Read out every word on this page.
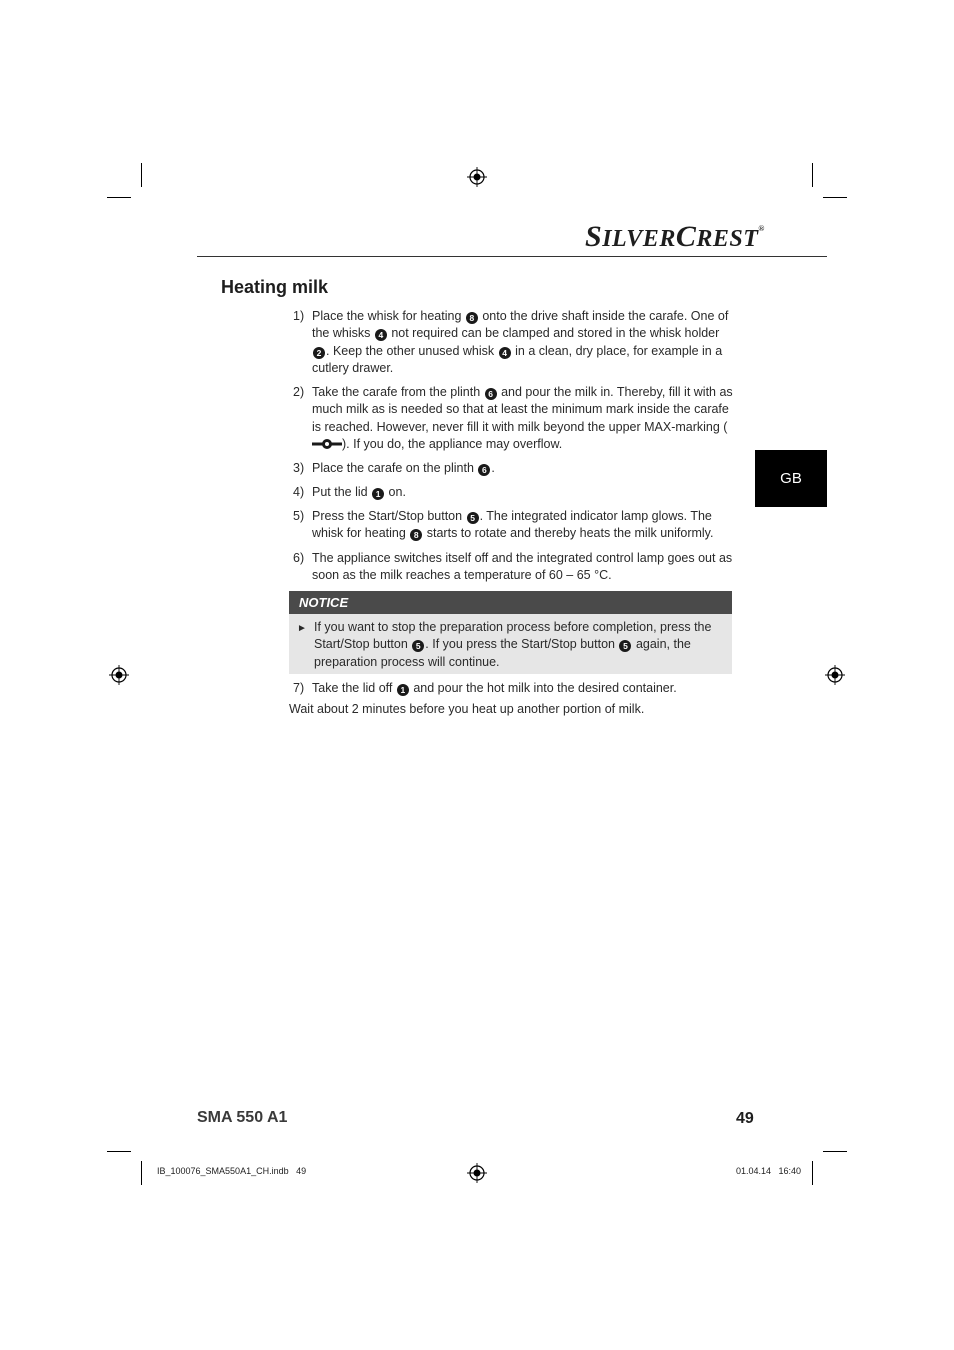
SILVERCREST®
Heating milk
GB
1) Place the whisk for heating 8 onto the drive shaft inside the carafe. One of the whisks 4 not required can be clamped and stored in the whisk holder 2 . Keep the other unused whisk 4 in a clean, dry place, for example in a cutlery drawer.
2) Take the carafe from the plinth 6 and pour the milk in. Thereby, fill it with as much milk as is needed so that at least the minimum mark inside the carafe is reached. However, never fill it with milk beyond the upper MAX-marking (). If you do, the appliance may overflow.
3) Place the carafe on the plinth 6 .
4) Put the lid 1 on.
5) Press the Start/Stop button 5 . The integrated indicator lamp glows. The whisk for heating 8 starts to rotate and thereby heats the milk uniformly.
6) The appliance switches itself off and the integrated control lamp goes out as soon as the milk reaches a temperature of 60 – 65 °C.
NOTICE
► If you want to stop the preparation process before completion, press the Start/Stop button 5 . If you press the Start/Stop button 5 again, the preparation process will continue.
7) Take the lid off 1 and pour the hot milk into the desired container.
Wait about 2 minutes before you heat up another portion of milk.
SMA 550 A1	49
IB_100076_SMA550A1_CH.indb   49	01.04.14   16:40
